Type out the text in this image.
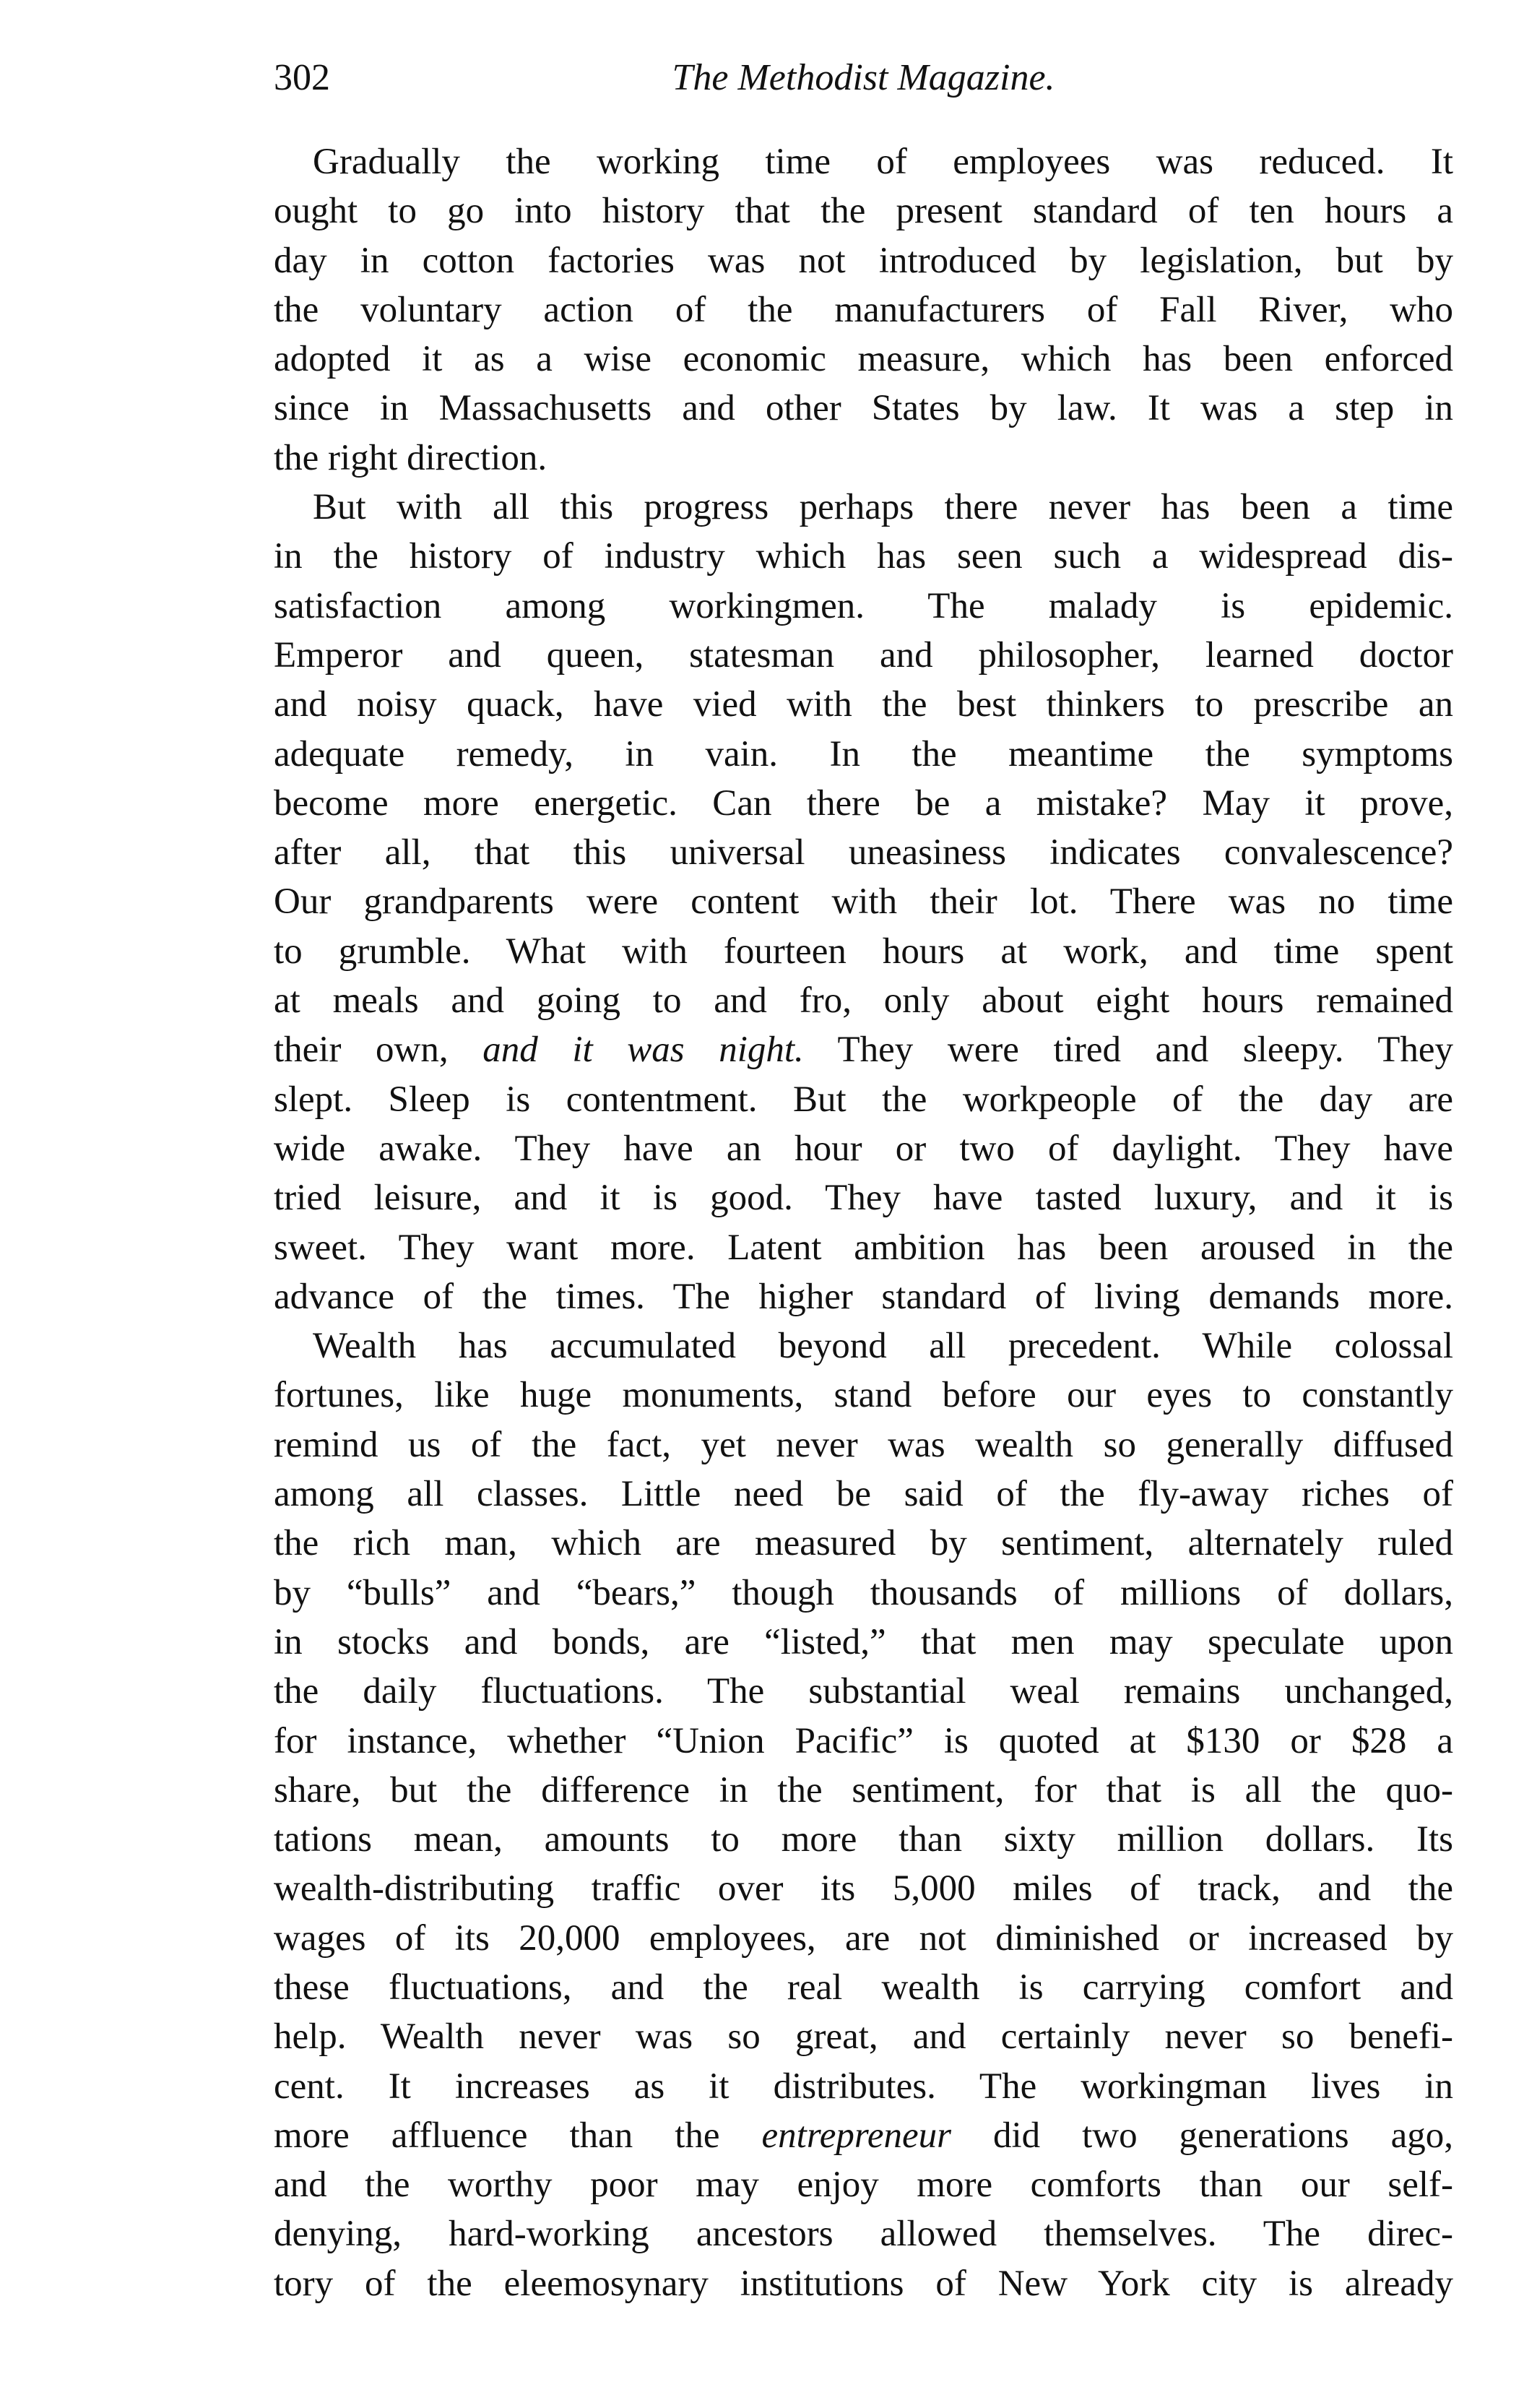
302	The Methodist Magazine.
Gradually the working time of employees was reduced. It
ought to go into history that the present standard of ten hours a
day in cotton factories was not introduced by legislation, but by
the voluntary action of the manufacturers of Fall River, who
adopted it as a wise economic measure, which has been enforced
since in Massachusetts and other States by law. It was a step in
the right direction.
But with all this progress perhaps there never has been a time
in the history of industry which has seen such a widespread dis-
satisfaction among workingmen. The malady is epidemic.
Emperor and queen, statesman and philosopher, learned doctor
and noisy quack, have vied with the best thinkers to prescribe an
adequate remedy, in vain. In the meantime the symptoms
become more energetic. Can there be a mistake? May it prove,
after all, that this universal uneasiness indicates convalescence?
Our grandparents were content with their lot. There was no time
to grumble. What with fourteen hours at work, and time spent
at meals and going to and fro, only about eight hours remained
their own, and it was night. They were tired and sleepy. They
slept. Sleep is contentment. But the workpeople of the day are
wide awake. They have an hour or two of daylight. They have
tried leisure, and it is good. They have tasted luxury, and it is
sweet. They want more. Latent ambition has been aroused in the
advance of the times. The higher standard of living demands more.
Wealth has accumulated beyond all precedent. While colossal
fortunes, like huge monuments, stand before our eyes to constantly
remind us of the fact, yet never was wealth so generally diffused
among all classes. Little need be said of the fly-away riches of
the rich man, which are measured by sentiment, alternately ruled
by “bulls” and “bears,” though thousands of millions of dollars,
in stocks and bonds, are “listed,” that men may speculate upon
the daily fluctuations. The substantial weal remains unchanged,
for instance, whether “Union Pacific” is quoted at $130 or $28 a
share, but the difference in the sentiment, for that is all the quo-
tations mean, amounts to more than sixty million dollars. Its
wealth-distributing traffic over its 5,000 miles of track, and the
wages of its 20,000 employees, are not diminished or increased by
these fluctuations, and the real wealth is carrying comfort and
help. Wealth never was so great, and certainly never so benefi-
cent. It increases as it distributes. The workingman lives in
more affluence than the entrepreneur did two generations ago,
and the worthy poor may enjoy more comforts than our self-
denying, hard-working ancestors allowed themselves. The direc-
tory of the eleemosynary institutions of New York city is already
